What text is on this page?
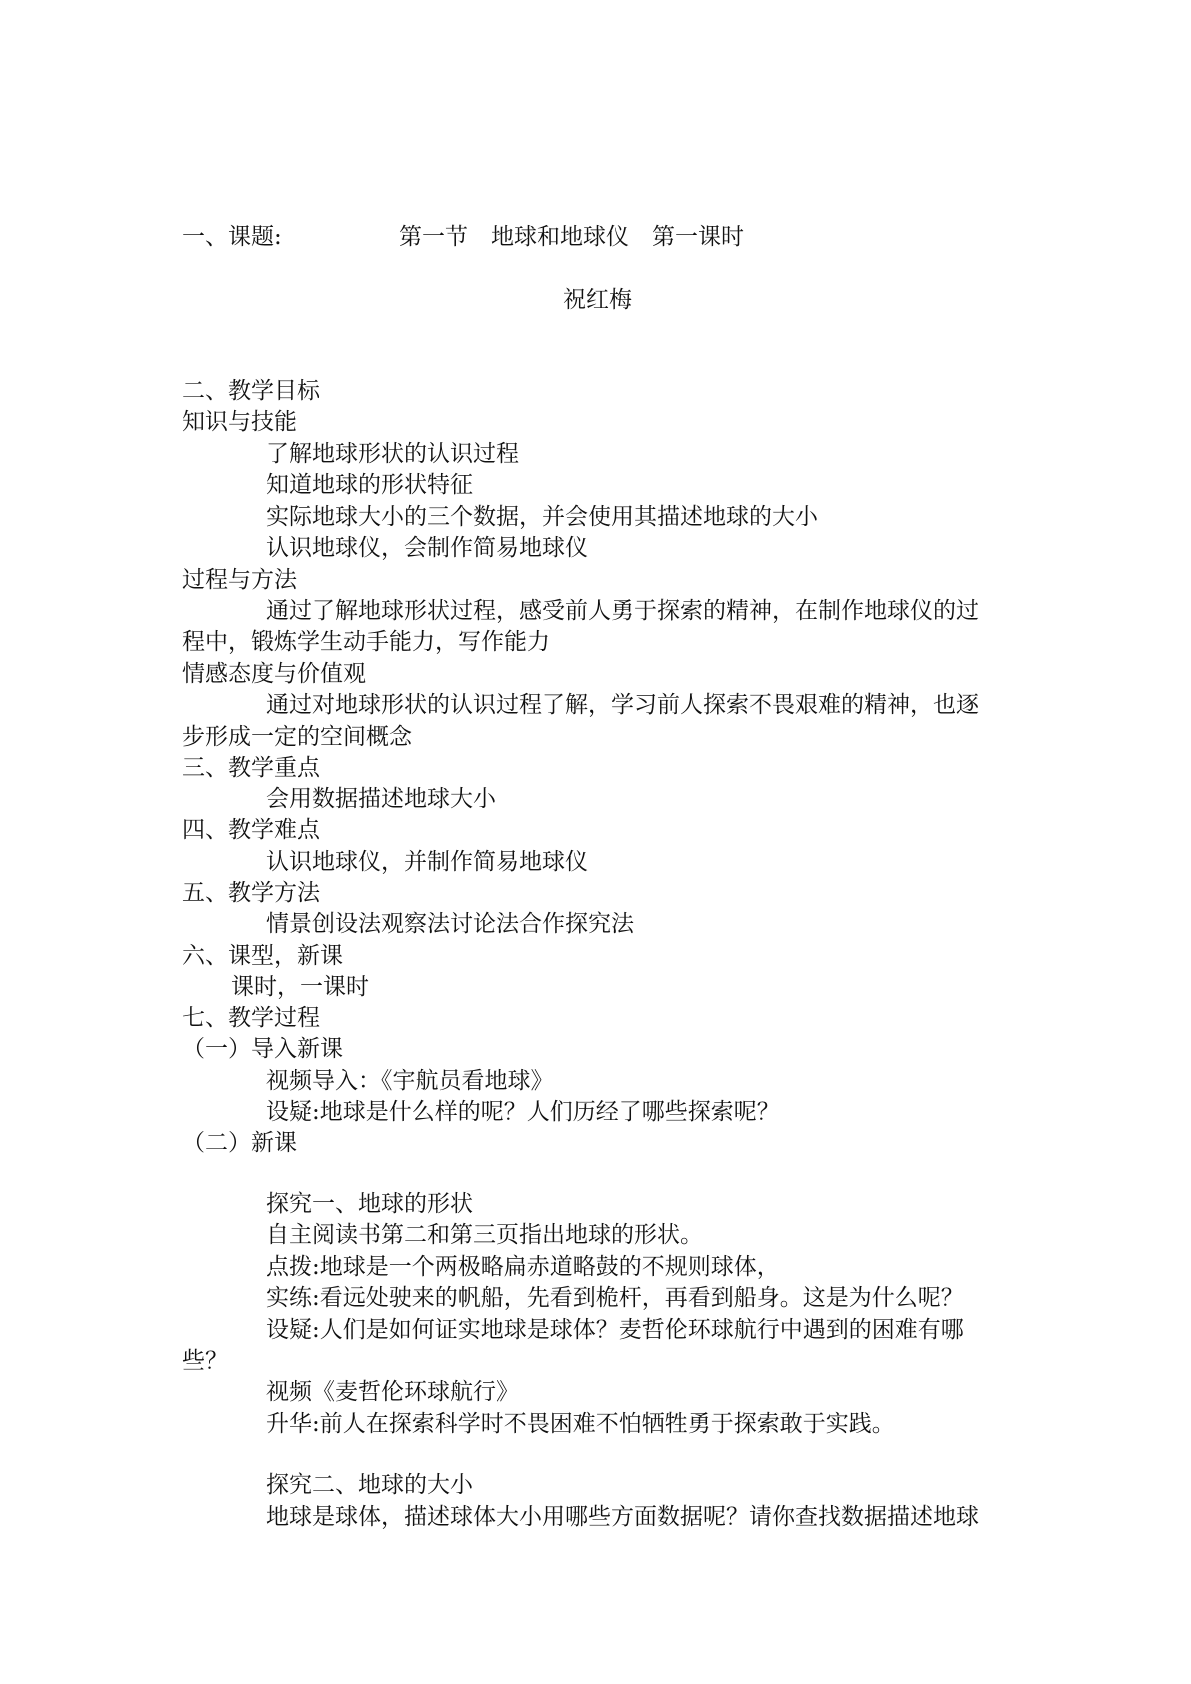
一、课题:	第一节　地球和地球仪　第一课时
祝红梅
二、教学目标
知识与技能
了解地球形状的认识过程
知道地球的形状特征
实际地球大小的三个数据，并会使用其描述地球的大小
认识地球仪，会制作简易地球仪
过程与方法
通过了解地球形状过程，感受前人勇于探索的精神，在制作地球仪的过
程中，锻炼学生动手能力，写作能力
情感态度与价值观
通过对地球形状的认识过程了解，学习前人探索不畏艰难的精神，也逐
步形成一定的空间概念
三、教学重点
会用数据描述地球大小
四、教学难点
认识地球仪，并制作简易地球仪
五、教学方法
情景创设法观察法讨论法合作探究法
六、课型，新课
课时，一课时
七、教学过程
（一）导入新课
视频导入：《宇航员看地球》
设疑:地球是什么样的呢？人们历经了哪些探索呢？
（二）新课
探究一、地球的形状
自主阅读书第二和第三页指出地球的形状。
点拨:地球是一个两极略扁赤道略鼓的不规则球体，
实练:看远处驶来的帆船，先看到桅杆，再看到船身。这是为什么呢？
设疑:人们是如何证实地球是球体？麦哲伦环球航行中遇到的困难有哪
些？
视频《麦哲伦环球航行》
升华:前人在探索科学时不畏困难不怕牺牲勇于探索敢于实践。
探究二、地球的大小
地球是球体，描述球体大小用哪些方面数据呢？请你查找数据描述地球
